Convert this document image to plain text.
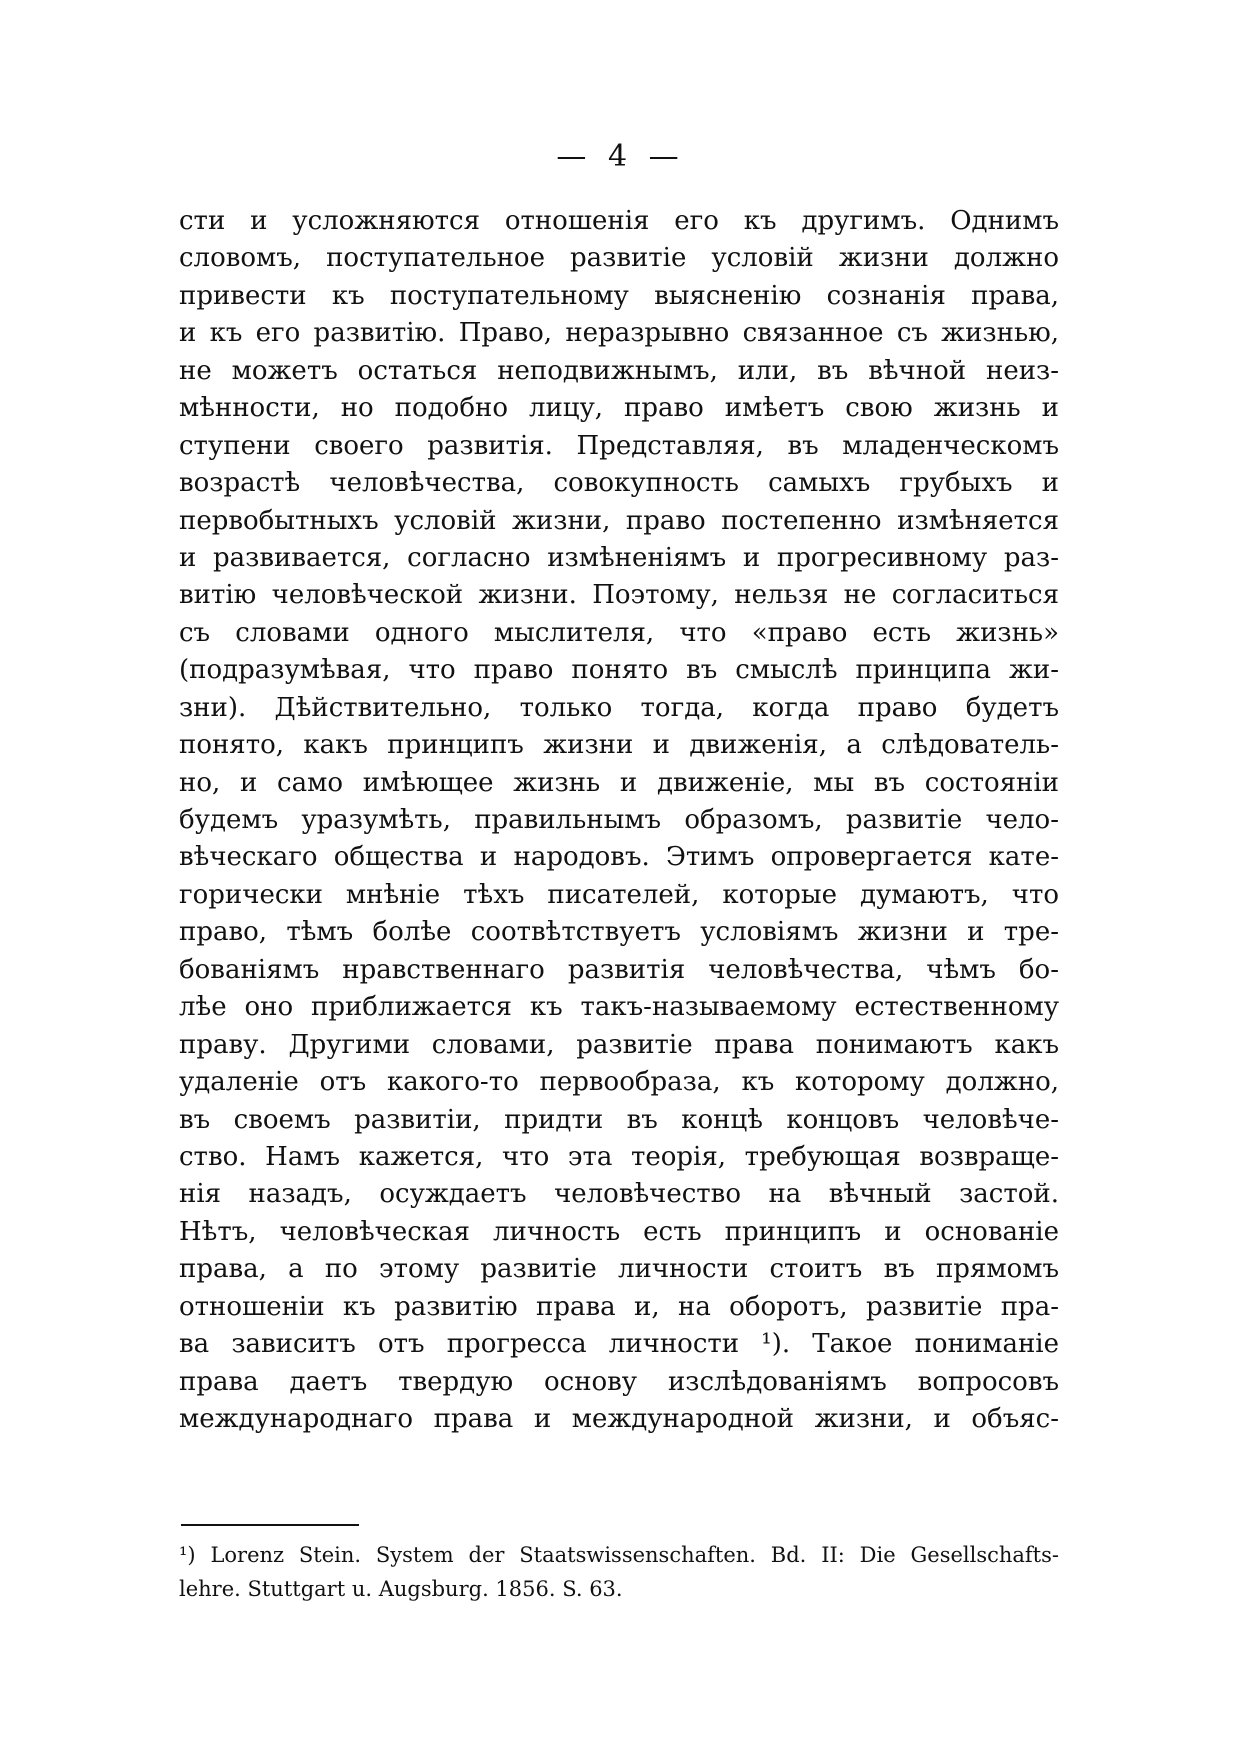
— 4 —
сти и усложняются отношенія его къ другимъ. Однимъ
словомъ, поступательное развитіе условій жизни должно
привести къ поступательному выясненію сознанія права,
и къ его развитію. Право, неразрывно связанное съ жизнью,
не можетъ остаться неподвижнымъ, или, въ вѣчной неиз-
мѣнности, но подобно лицу, право имѣетъ свою жизнь и
ступени своего развитія. Представляя, въ младенческомъ
возрастѣ человѣчества, совокупность самыхъ грубыхъ и
первобытныхъ условій жизни, право постепенно измѣняется
и развивается, согласно измѣненіямъ и прогресивному раз-
витію человѣческой жизни. Поэтому, нельзя не согласиться
съ словами одного мыслителя, что «право есть жизнь»
(подразумѣвая, что право понято въ смыслѣ принципа жи-
зни). Дѣйствительно, только тогда, когда право будетъ
понято, какъ принципъ жизни и движенія, а слѣдователь-
но, и само имѣющее жизнь и движеніе, мы въ состояніи
будемъ уразумѣть, правильнымъ образомъ, развитіе чело-
вѣческаго общества и народовъ. Этимъ опровергается кате-
горически мнѣніе тѣхъ писателей, которые думаютъ, что
право, тѣмъ болѣе соотвѣтствуетъ условіямъ жизни и тре-
бованіямъ нравственнаго развитія человѣчества, чѣмъ бо-
лѣе оно приближается къ такъ-называемому естественному
праву. Другими словами, развитіе права понимаютъ какъ
удаленіе отъ какого-то первообраза, къ которому должно,
въ своемъ развитіи, придти въ концѣ концовъ человѣче-
ство. Намъ кажется, что эта теорія, требующая возвраще-
нія назадъ, осуждаетъ человѣчество на вѣчный застой.
Нѣтъ, человѣческая личность есть принципъ и основаніе
права, а по этому развитіе личности стоитъ въ прямомъ
отношеніи къ развитію права и, на оборотъ, развитіе пра-
ва зависитъ отъ прогресса личности ¹). Такое пониманіе
права даетъ твердую основу изслѣдованіямъ вопросовъ
международнаго права и международной жизни, и объяс-
¹) Lorenz Stein. System der Staatswissenschaften. Bd. II: Die Gesellschafts-
lehre. Stuttgart u. Augsburg. 1856. S. 63.
